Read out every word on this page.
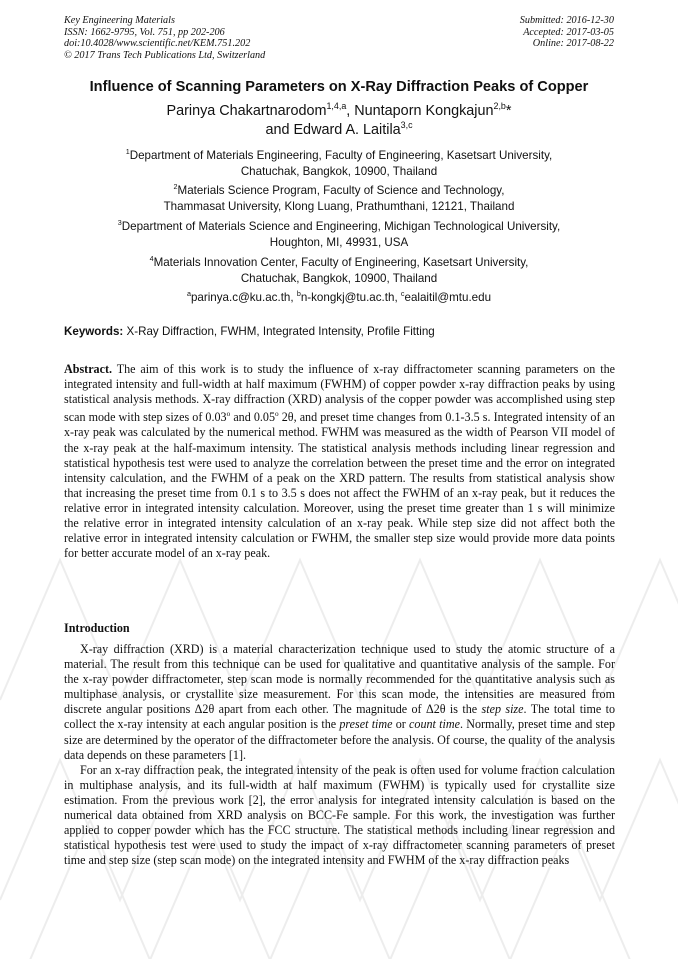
Key Engineering Materials
ISSN: 1662-9795, Vol. 751, pp 202-206
doi:10.4028/www.scientific.net/KEM.751.202
© 2017 Trans Tech Publications Ltd, Switzerland
Submitted: 2016-12-30
Accepted: 2017-03-05
Online: 2017-08-22
Influence of Scanning Parameters on X-Ray Diffraction Peaks of Copper
Parinya Chakartnarodom$^{1,4,a}$, Nuntaporn Kongkajun$^{2,b}$*
and Edward A. Laitila$^{3,c}$
$^1$Department of Materials Engineering, Faculty of Engineering, Kasetsart University,
Chatuchak, Bangkok, 10900, Thailand
$^2$Materials Science Program, Faculty of Science and Technology,
Thammasat University, Klong Luang, Prathumthani, 12121, Thailand
$^3$Department of Materials Science and Engineering, Michigan Technological University,
Houghton, MI, 49931, USA
$^4$Materials Innovation Center, Faculty of Engineering, Kasetsart University,
Chatuchak, Bangkok, 10900, Thailand
$^a$parinya.c@ku.ac.th, $^b$n-kongkj@tu.ac.th, $^c$ealaitil@mtu.edu
Keywords: X-Ray Diffraction, FWHM, Integrated Intensity, Profile Fitting

Abstract. The aim of this work is to study the influence of x-ray diffractometer scanning parameters on the integrated intensity and full-width at half maximum (FWHM) of copper powder x-ray diffraction peaks by using statistical analysis methods. X-ray diffraction (XRD) analysis of the copper powder was accomplished using step scan mode with step sizes of 0.03$^o$ and 0.05$^o$ 2θ, and preset time changes from 0.1-3.5 s. Integrated intensity of an x-ray peak was calculated by the numerical method. FWHM was measured as the width of Pearson VII model of the x-ray peak at the half-maximum intensity. The statistical analysis methods including linear regression and statistical hypothesis test were used to analyze the correlation between the preset time and the error on integrated intensity calculation, and the FWHM of a peak on the XRD pattern. The results from statistical analysis show that increasing the preset time from 0.1 s to 3.5 s does not affect the FWHM of an x-ray peak, but it reduces the relative error in integrated intensity calculation. Moreover, using the preset time greater than 1 s will minimize the relative error in integrated intensity calculation of an x-ray peak. While step size did not affect both the relative error in integrated intensity calculation or FWHM, the smaller step size would provide more data points for better accurate model of an x-ray peak.

Introduction

X-ray diffraction (XRD) is a material characterization technique used to study the atomic structure of a material. The result from this technique can be used for qualitative and quantitative analysis of the sample. For the x-ray powder diffractometer, step scan mode is normally recommended for the quantitative analysis such as multiphase analysis, or crystallite size measurement. For this scan mode, the intensities are measured from discrete angular positions Δ2θ apart from each other. The magnitude of Δ2θ is the step size. The total time to collect the x-ray intensity at each angular position is the preset time or count time. Normally, preset time and step size are determined by the operator of the diffractometer before the analysis. Of course, the quality of the analysis data depends on these parameters [1].

For an x-ray diffraction peak, the integrated intensity of the peak is often used for volume fraction calculation in multiphase analysis, and its full-width at half maximum (FWHM) is typically used for crystallite size estimation. From the previous work [2], the error analysis for integrated intensity calculation is based on the numerical data obtained from XRD analysis on BCC-Fe sample. For this work, the investigation was further applied to copper powder which has the FCC structure. The statistical methods including linear regression and statistical hypothesis test were used to study the impact of x-ray diffractometer scanning parameters of preset time and step size (step scan mode) on the integrated intensity and FWHM of the x-ray diffraction peaks
